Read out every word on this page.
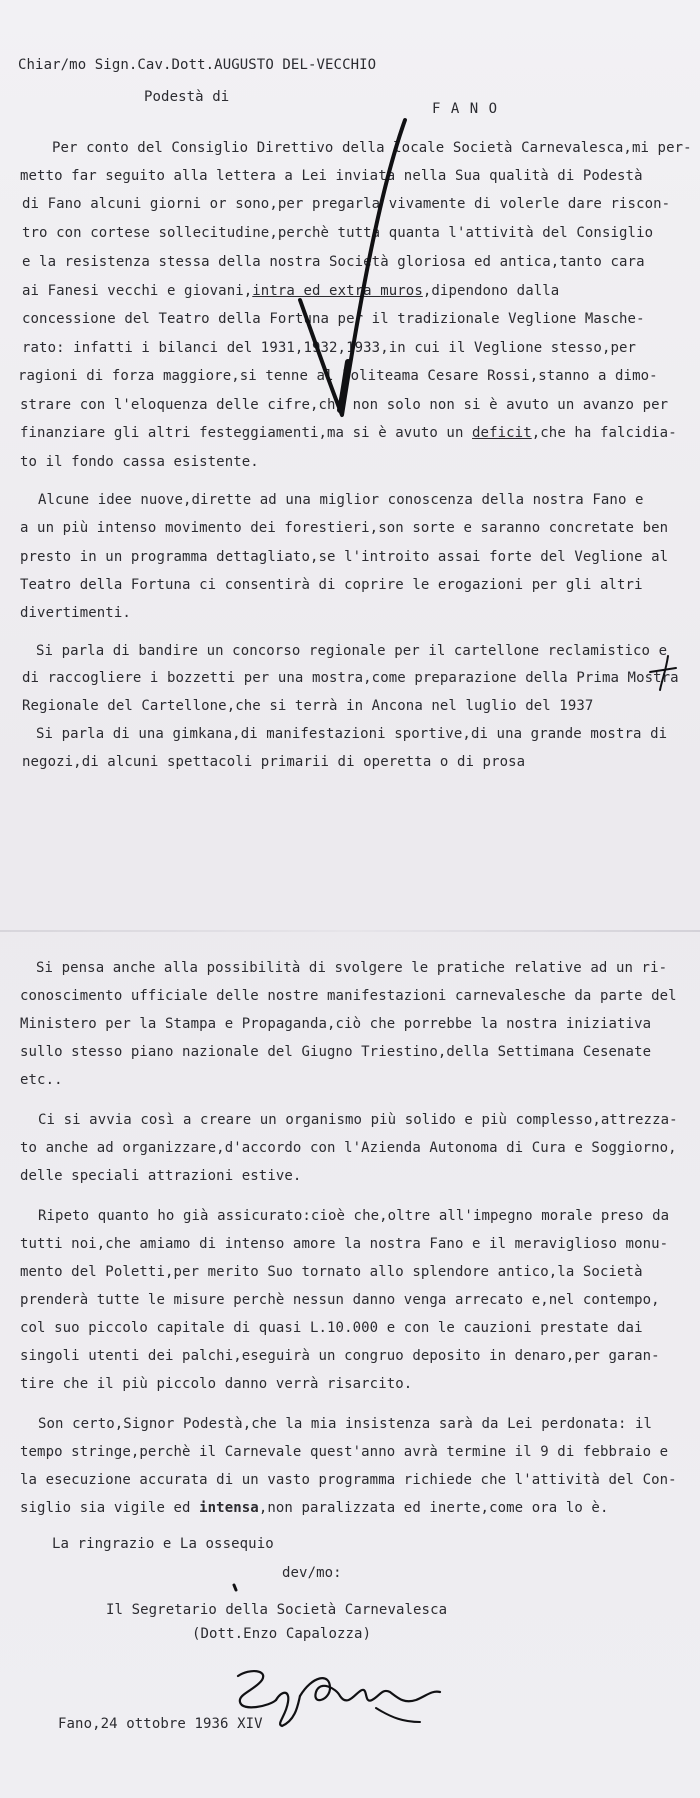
Chiar/mo Sign.Cav.Dott.AUGUSTO DEL-VECCHIO
Podestà di
F A N O
Per conto del Consiglio Direttivo della locale Società Carnevalesca,mi per-
metto far seguito alla lettera a Lei inviata nella Sua qualità di Podestà
di Fano alcuni giorni or sono,per pregarla vivamente di volerle dare riscon-
tro con cortese sollecitudine,perchè tutta quanta l'attività del Consiglio
e la resistenza stessa della nostra Società gloriosa ed antica,tanto cara
ai Fanesi vecchi e giovani,intra ed extra muros,dipendono dalla
concessione del Teatro della Fortuna per il tradizionale Veglione Masche-
rato: infatti i bilanci del 1931,1932,1933,in cui il Veglione stesso,per
ragioni di forza maggiore,si tenne al Politeama Cesare Rossi,stanno a dimo-
strare con l'eloquenza delle cifre,che non solo non si è avuto un avanzo per
finanziare gli altri festeggiamenti,ma si è avuto un deficit,che ha falcidia-
to il fondo cassa esistente.
Alcune idee nuove,dirette ad una miglior conoscenza della nostra Fano e
a un più intenso movimento dei forestieri,son sorte e saranno concretate ben
presto in un programma dettagliato,se l'introito assai forte del Veglione al
Teatro della Fortuna ci consentirà di coprire le erogazioni per gli altri
divertimenti.
Si parla di bandire un concorso regionale per il cartellone reclamistico e
di raccogliere i bozzetti per una mostra,come preparazione della Prima Mostra
Regionale del Cartellone,che si terrà in Ancona nel luglio del 1937
Si parla di una gimkana,di manifestazioni sportive,di una grande mostra di
negozi,di alcuni spettacoli primarii di operetta o di prosa
Si pensa anche alla possibilità di svolgere le pratiche relative ad un ri-
conoscimento ufficiale delle nostre manifestazioni carnevalesche da parte del
Ministero per la Stampa e Propaganda,ciò che porrebbe la nostra iniziativa
sullo stesso piano nazionale del Giugno Triestino,della Settimana Cesenate
etc..
Ci si avvia così a creare un organismo più solido e più complesso,attrezza-
to anche ad organizzare,d'accordo con l'Azienda Autonoma di Cura e Soggiorno,
delle speciali attrazioni estive.
Ripeto quanto ho già assicurato:cioè che,oltre all'impegno morale preso da
tutti noi,che amiamo di intenso amore la nostra Fano e il meraviglioso monu-
mento del Poletti,per merito Suo tornato allo splendore antico,la Società
prenderà tutte le misure perchè nessun danno venga arrecato e,nel contempo,
col suo piccolo capitale di quasi L.10.000 e con le cauzioni prestate dai
singoli utenti dei palchi,eseguirà un congruo deposito in denaro,per garan-
tire che il più piccolo danno verrà risarcito.
Son certo,Signor Podestà,che la mia insistenza sarà da Lei perdonata: il
tempo stringe,perchè il Carnevale quest'anno avrà termine il 9 di febbraio e
la esecuzione accurata di un vasto programma richiede che l'attività del Con-
siglio sia vigile ed intensa,non paralizzata ed inerte,come ora lo è.
La ringrazio e La ossequio
dev/mo:
Il Segretario della Società Carnevalesca
(Dott.Enzo Capalozza)
Fano,24 ottobre 1936 XIV
